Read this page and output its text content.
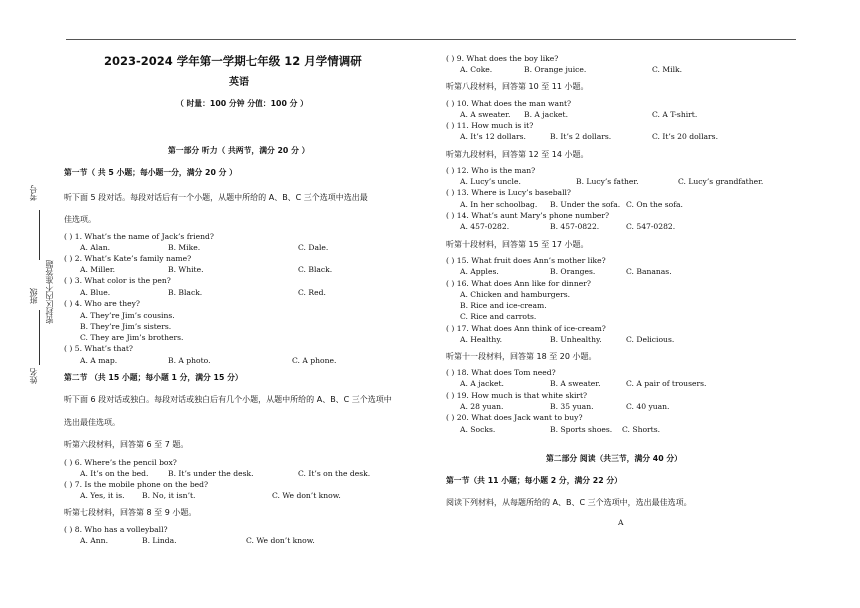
考号
班级 密封区内不准答题
姓名
2023-2024 学年第一学期七年级 12 月学情调研
英语
（ 时量：100 分钟 分值：100 分 ）
第一部分 听力（ 共两节，满分 20 分 ）
第一节（ 共 5 小题；每小题一分，满分 20 分 ）
听下面 5 段对话。每段对话后有一个小题，从题中所给的 A、B、C 三个选项中选出最
佳选项。
( ) 1. What’s the name of Jack’s friend?
A. Alan.	B. Mike.	C. Dale.
( ) 2. What’s Kate’s family name?
A. Miller.	B. White.	C. Black.
( ) 3. What color is the pen?
A. Blue.	B. Black.	C. Red.
( ) 4. Who are they?
A. They’re Jim’s cousins.
B. They’re Jim’s sisters.
C. They are Jim’s brothers.
( ) 5. What’s that?
A. A map.	B. A photo.	C. A phone.
第二节 （共 15 小题；每小题 1 分，满分 15 分）
听下面 6 段对话或独白。每段对话或独白后有几个小题，从题中所给的 A、B、C 三个选项中
选出最佳选项。
听第六段材料，回答第 6 至 7 题。
( ) 6. Where’s the pencil box?
A. It’s on the bed.	B. It’s under the desk.	C. It’s on the desk.
( ) 7. Is the mobile phone on the bed?
A. Yes, it is. B. No, it isn’t.	C. We don’t know.
听第七段材料，回答第 8 至 9 小题。
( ) 8. Who has a volleyball?
A. Ann.	B. Linda.	C. We don’t know.
( ) 9. What does the boy like?
A. Coke.	B. Orange juice.	C. Milk.
听第八段材料，回答第 10 至 11 小题。
( ) 10. What does the man want?
A. A sweater. B. A jacket.	C. A T-shirt.
( ) 11. How much is it?
A. It’s 12 dollars.	B. It’s 2 dollars.	C. It’s 20 dollars.
听第九段材料，回答第 12 至 14 小题。
( ) 12. Who is the man?
A. Lucy’s uncle.	B. Lucy’s father.	C. Lucy’s grandfather.
( ) 13. Where is Lucy’s baseball?
A. In her schoolbag. B. Under the sofa. C. On the sofa.
( ) 14. What’s aunt Mary’s phone number?
A. 457-0282.	B. 457-0822.	C. 547-0282.
听第十段材料，回答第 15 至 17 小题。
( ) 15. What fruit does Ann’s mother like?
A. Apples.	B. Oranges.	C. Bananas.
( ) 16. What does Ann like for dinner?
A. Chicken and hamburgers.
B. Rice and ice-cream.
C. Rice and carrots.
( ) 17. What does Ann think of ice-cream?
A. Healthy.	B. Unhealthy.	C. Delicious.
听第十一段材料，回答第 18 至 20 小题。
( ) 18. What does Tom need?
A. A jacket.	B. A sweater.	C. A pair of trousers.
( ) 19. How much is that white skirt?
A. 28 yuan.	B. 35 yuan.	C. 40 yuan.
( ) 20. What does Jack want to buy?
A. Socks.	B. Sports shoes. C. Shorts.
第二部分 阅读（共三节，满分 40 分）
第一节（共 11 小题；每小题 2 分，满分 22 分）
阅读下列材料，从每题所给的 A、B、C 三个选项中，选出最佳选项。
A
